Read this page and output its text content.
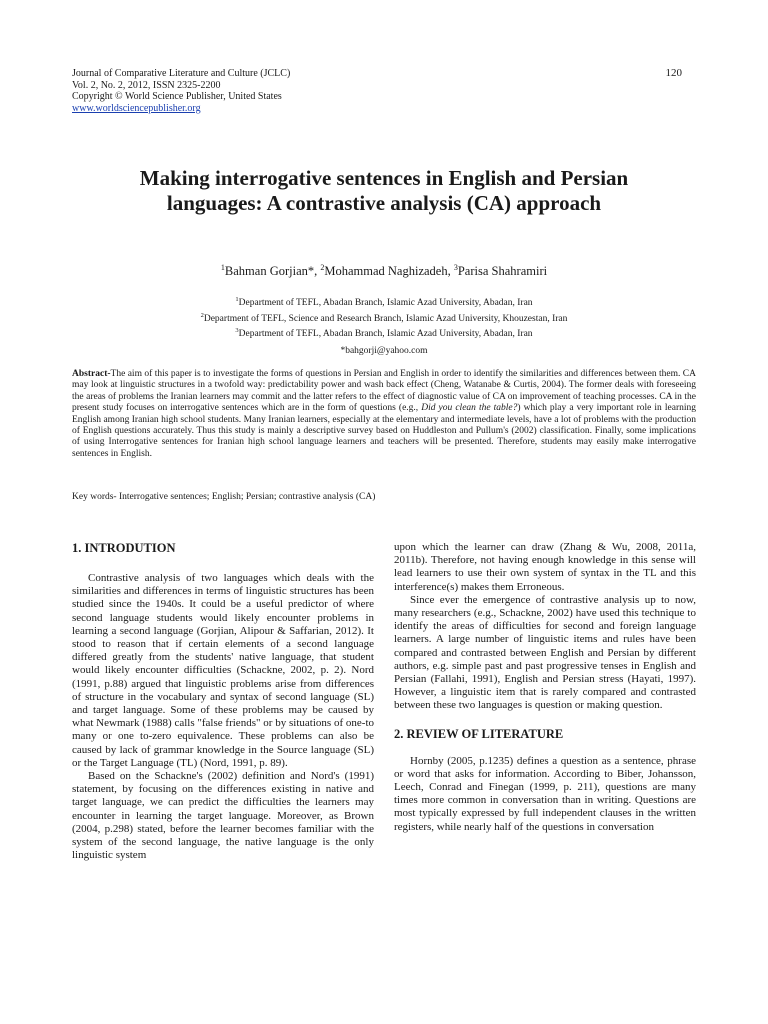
Journal of Comparative Literature and Culture (JCLC)
Vol. 2, No. 2, 2012, ISSN 2325-2200
Copyright © World Science Publisher, United States
www.worldsciencepublisher.org
120
Making interrogative sentences in English and Persian
languages: A contrastive analysis (CA) approach
$^1$Bahman Gorjian*, $^2$Mohammad Naghizadeh, $^3$Parisa Shahramiri
$^1$Department of TEFL, Abadan Branch, Islamic Azad University, Abadan, Iran
$^2$Department of TEFL, Science and Research Branch, Islamic Azad University, Khouzestan, Iran
$^3$Department of TEFL, Abadan Branch, Islamic Azad University, Abadan, Iran
*bahgorji@yahoo.com
Abstract-The aim of this paper is to investigate the forms of questions in Persian and English in order to identify the similarities and differences between them. CA may look at linguistic structures in a twofold way: predictability power and wash back effect (Cheng, Watanabe & Curtis, 2004). The former deals with foreseeing the areas of problems the Iranian learners may commit and the latter refers to the effect of diagnostic value of CA on improvement of teaching processes. CA in the present study focuses on interrogative sentences which are in the form of questions (e.g., Did you clean the table?) which play a very important role in learning English among Iranian high school students. Many Iranian learners, especially at the elementary and intermediate levels, have a lot of problems with the production of English questions accurately. Thus this study is mainly a descriptive survey based on Huddleston and Pullum's (2002) classification. Finally, some implications of using Interrogative sentences for Iranian high school language learners and teachers will be presented. Therefore, students may easily make interrogative sentences in English.
Key words- Interrogative sentences; English; Persian; contrastive analysis (CA)
1. INTRODUTION

Contrastive analysis of two languages which deals with the similarities and differences in terms of linguistic structures has been studied since the 1940s. It could be a useful predictor of where second language students would likely encounter problems in learning a second language (Gorjian, Alipour & Saffarian, 2012). It stood to reason that if certain elements of a second language differed greatly from the students' native language, that student would likely encounter difficulties (Schackne, 2002, p. 2). Nord (1991, p.88) argued that linguistic problems arise from differences of structure in the vocabulary and syntax of second language (SL) and target language. Some of these problems may be caused by what Newmark (1988) calls "false friends" or by situations of one-to many or one to-zero equivalence. These problems can also be caused by lack of grammar knowledge in the Source language (SL) or the Target Language (TL) (Nord, 1991, p. 89).

Based on the Schackne's (2002) definition and Nord's (1991) statement, by focusing on the differences existing in native and target language, we can predict the difficulties the learners may encounter in learning the target language. Moreover, as Brown (2004, p.298) stated, before the learner becomes familiar with the system of the second language, the native language is the only linguistic system

upon which the learner can draw (Zhang & Wu, 2008, 2011a, 2011b). Therefore, not having enough knowledge in this sense will lead learners to use their own system of syntax in the TL and this interference(s) makes them Erroneous.

Since ever the emergence of contrastive analysis up to now, many researchers (e.g., Schackne, 2002) have used this technique to identify the areas of difficulties for second and foreign language learners. A large number of linguistic items and rules have been compared and contrasted between English and Persian by different authors, e.g. simple past and past progressive tenses in English and Persian (Fallahi, 1991), English and Persian stress (Hayati, 1997). However, a linguistic item that is rarely compared and contrasted between these two languages is question or making question.

2. REVIEW OF LITERATURE

Hornby (2005, p.1235) defines a question as a sentence, phrase or word that asks for information. According to Biber, Johansson, Leech, Conrad and Finegan (1999, p. 211), questions are many times more common in conversation than in writing. Questions are most typically expressed by full independent clauses in the written registers, while nearly half of the questions in conversation
